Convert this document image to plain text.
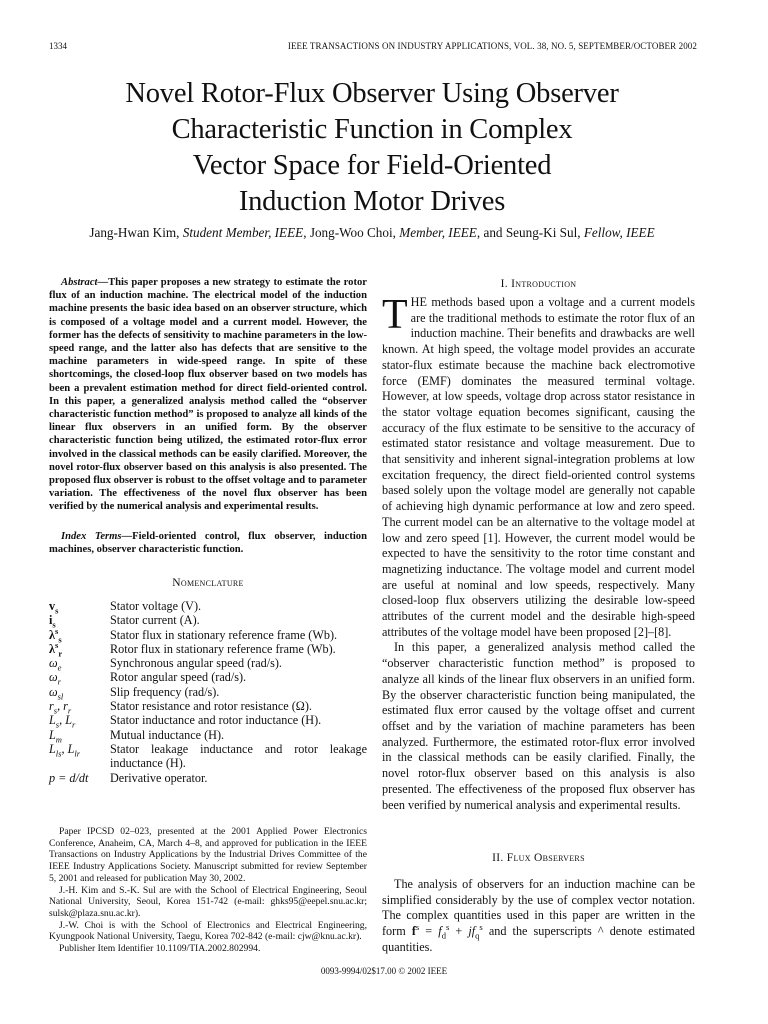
1334	IEEE TRANSACTIONS ON INDUSTRY APPLICATIONS, VOL. 38, NO. 5, SEPTEMBER/OCTOBER 2002
Novel Rotor-Flux Observer Using Observer
Characteristic Function in Complex
Vector Space for Field-Oriented
Induction Motor Drives
Jang-Hwan Kim, Student Member, IEEE, Jong-Woo Choi, Member, IEEE, and Seung-Ki Sul, Fellow, IEEE
Abstract—This paper proposes a new strategy to estimate the rotor flux of an induction machine. The electrical model of the induction machine presents the basic idea based on an observer structure, which is composed of a voltage model and a current model. However, the former has the defects of sensitivity to machine parameters in the low-speed range, and the latter also has defects that are sensitive to the machine parameters in wide-speed range. In spite of these shortcomings, the closed-loop flux observer based on two models has been a prevalent estimation method for direct field-oriented control. In this paper, a generalized analysis method called the “observer characteristic function method” is proposed to analyze all kinds of the linear flux observers in an unified form. By the observer characteristic function being utilized, the estimated rotor-flux error involved in the classical methods can be easily clarified. Moreover, the novel rotor-flux observer based on this analysis is also presented. The proposed flux observer is robust to the offset voltage and to parameter variation. The effectiveness of the novel flux observer has been verified by the numerical analysis and experimental results.
Index Terms—Field-oriented control, flux observer, induction machines, observer characteristic function.
Nomenclature
$v_s$	Stator voltage (V).
$i_s$	Stator current (A).
$\lambda^s_s$	Stator flux in stationary reference frame (Wb).
$\lambda^s_r$	Rotor flux in stationary reference frame (Wb).
$\omega_e$	Synchronous angular speed (rad/s).
$\omega_r$	Rotor angular speed (rad/s).
$\omega_{sl}$	Slip frequency (rad/s).
$r_s$, $r_r$	Stator resistance and rotor resistance (Ω).
$L_s$, $L_r$	Stator inductance and rotor inductance (H).
$L_m$	Mutual inductance (H).
$L_{ls}$, $L_{lr}$	Stator leakage inductance and rotor leakage inductance (H).
p = d/dt	Derivative operator.

Paper IPCSD 02–023, presented at the 2001 Applied Power Electronics Conference, Anaheim, CA, March 4–8, and approved for publication in the IEEE Transactions on Industry Applications by the Industrial Drives Committee of the IEEE Industry Applications Society. Manuscript submitted for review September 5, 2001 and released for publication May 30, 2002.

J.-H. Kim and S.-K. Sul are with the School of Electrical Engineering, Seoul National University, Seoul, Korea 151-742 (e-mail: ghks95@eepel.snu.ac.kr; sulsk@plaza.snu.ac.kr).

J.-W. Choi is with the School of Electronics and Electrical Engineering, Kyungpook National University, Taegu, Korea 702-842 (e-mail: cjw@knu.ac.kr).

Publisher Item Identifier 10.1109/TIA.2002.802994.

I. Introduction

THE methods based upon a voltage and a current models are the traditional methods to estimate the rotor flux of an induction machine. Their benefits and drawbacks are well known. At high speed, the voltage model provides an accurate stator-flux estimate because the machine back electromotive force (EMF) dominates the measured terminal voltage. However, at low speeds, voltage drop across stator resistance in the stator voltage equation becomes significant, causing the accuracy of the flux estimate to be sensitive to the accuracy of estimated stator resistance and voltage measurement. Due to that sensitivity and inherent signal-integration problems at low excitation frequency, the direct field-oriented control systems based solely upon the voltage model are generally not capable of achieving high dynamic performance at low and zero speed. The current model can be an alternative to the voltage model at low and zero speed [1]. However, the current model would be expected to have the sensitivity to the rotor time constant and magnetizing inductance. The voltage model and current model are useful at nominal and low speeds, respectively. Many closed-loop flux observers utilizing the desirable low-speed attributes of the current model and the desirable high-speed attributes of the voltage model have been proposed [2]–[8].

In this paper, a generalized analysis method called the “observer characteristic function method” is proposed to analyze all kinds of the linear flux observers in an unified form. By the observer characteristic function being manipulated, the estimated flux error caused by the voltage offset and current offset and by the variation of machine parameters has been analyzed. Furthermore, the estimated rotor-flux error involved in the classical methods can be easily clarified. Finally, the novel rotor-flux observer based on this analysis is also presented. The effectiveness of the proposed flux observer has been verified by numerical analysis and experimental results.

II. Flux Observers

The analysis of observers for an induction machine can be simplified considerably by the use of complex vector notation. The complex quantities used in this paper are written in the form $f^s = f_d^s + jf_q^s$ and the superscripts ^ denote estimated quantities.

0093-9994/02$17.00 © 2002 IEEE
